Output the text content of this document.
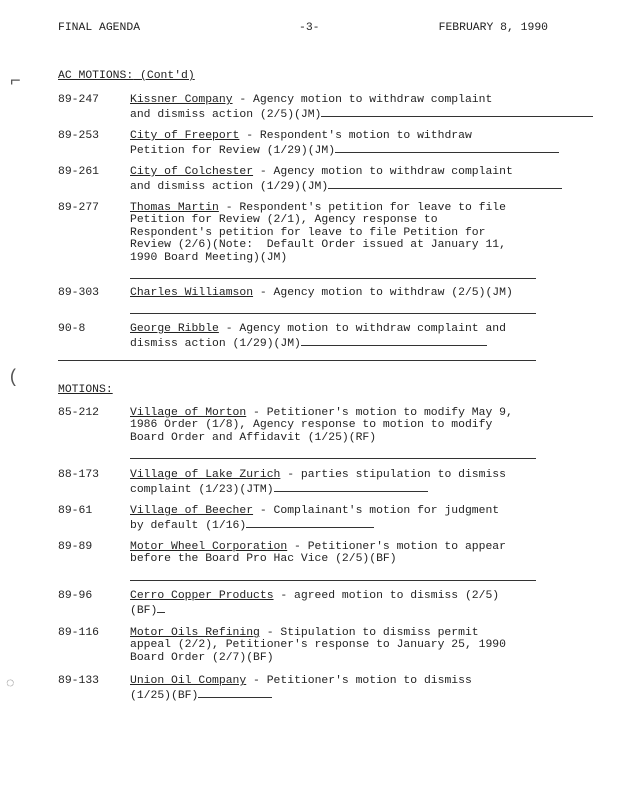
FINAL AGENDA	-3-	FEBRUARY 8, 1990
⌐
(
◌
AC MOTIONS: (Cont'd)
89-247	Kissner Company - Agency motion to withdraw complaint
and dismiss action (2/5)(JM)
89-253	City of Freeport - Respondent's motion to withdraw
Petition for Review (1/29)(JM)
89-261	City of Colchester - Agency motion to withdraw complaint
and dismiss action (1/29)(JM)
89-277	Thomas Martin - Respondent's petition for leave to file
Petition for Review (2/1), Agency response to
Respondent's petition for leave to file Petition for
Review (2/6)(Note:  Default Order issued at January 11,
1990 Board Meeting)(JM)
89-303	Charles Williamson - Agency motion to withdraw (2/5)(JM)
90-8	George Ribble - Agency motion to withdraw complaint and
dismiss action (1/29)(JM)
MOTIONS:
85-212	Village of Morton - Petitioner's motion to modify May 9,
1986 Order (1/8), Agency response to motion to modify
Board Order and Affidavit (1/25)(RF)
88-173	Village of Lake Zurich - parties stipulation to dismiss
complaint (1/23)(JTM)
89-61	Village of Beecher - Complainant's motion for judgment
by default (1/16)
89-89	Motor Wheel Corporation - Petitioner's motion to appear
before the Board Pro Hac Vice (2/5)(BF)
89-96	Cerro Copper Products - agreed motion to dismiss (2/5)
(BF)
89-116	Motor Oils Refining - Stipulation to dismiss permit
appeal (2/2), Petitioner's response to January 25, 1990
Board Order (2/7)(BF)
89-133	Union Oil Company - Petitioner's motion to dismiss
(1/25)(BF)
